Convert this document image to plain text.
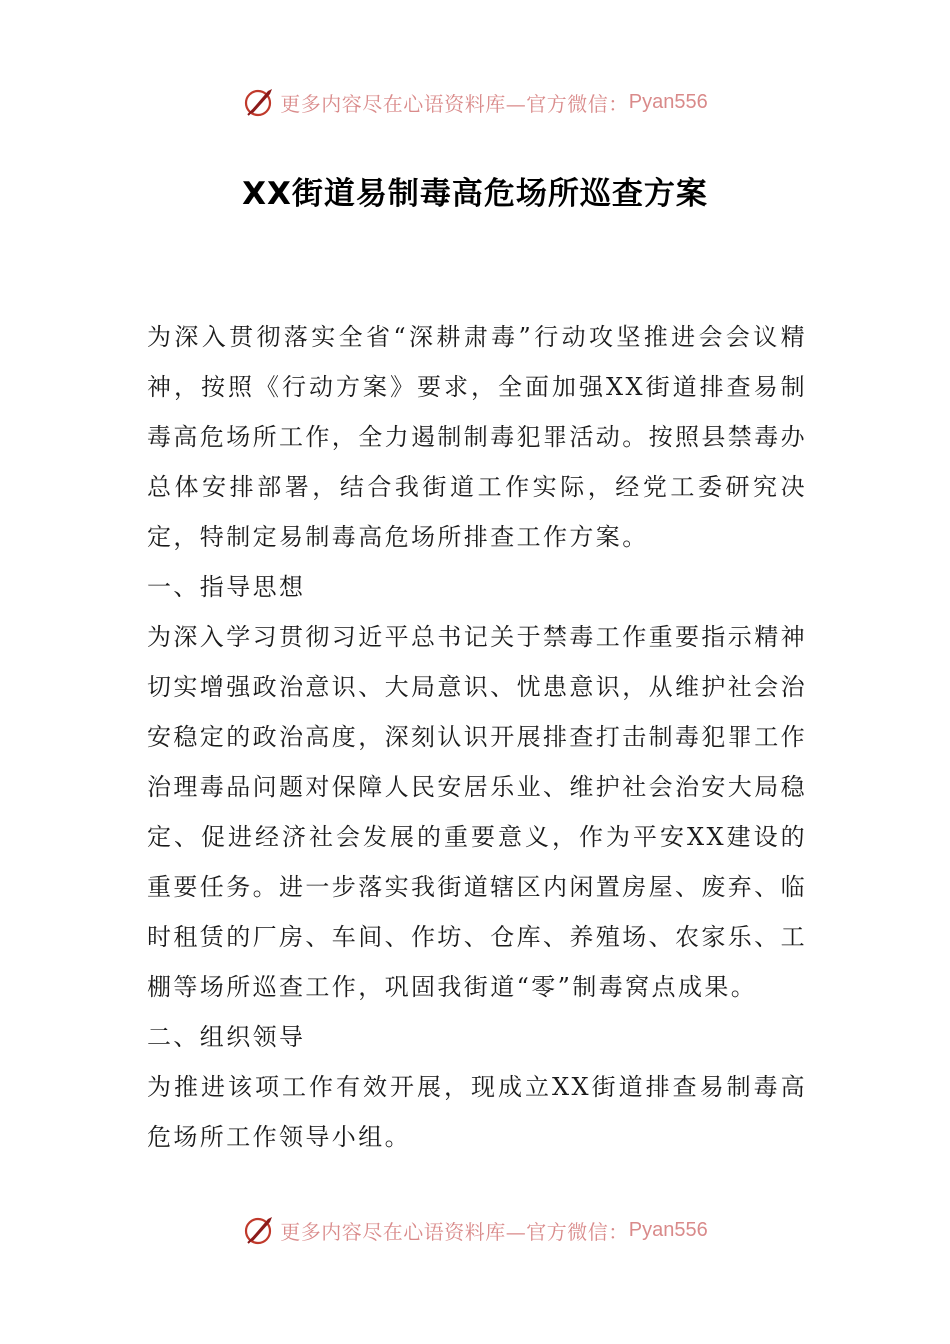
更多内容尽在心语资料库—官方微信： Pyan556
XX街道易制毒高危场所巡查方案

为深入贯彻落实全省“深耕肃毒”行动攻坚推进会会议精神，按照《行动方案》要求，全面加强XX街道排查易制毒高危场所工作，全力遏制制毒犯罪活动。按照县禁毒办总体安排部署，结合我街道工作实际，经党工委研究决定，特制定易制毒高危场所排查工作方案。

一、指导思想

为深入学习贯彻习近平总书记关于禁毒工作重要指示精神切实增强政治意识、大局意识、忧患意识，从维护社会治安稳定的政治高度，深刻认识开展排查打击制毒犯罪工作治理毒品问题对保障人民安居乐业、维护社会治安大局稳定、促进经济社会发展的重要意义，作为平安XX建设的重要任务。进一步落实我街道辖区内闲置房屋、废弃、临时租赁的厂房、车间、作坊、仓库、养殖场、农家乐、工棚等场所巡查工作，巩固我街道“零”制毒窝点成果。

二、组织领导

为推进该项工作有效开展，现成立XX街道排查易制毒高危场所工作领导小组。

更多内容尽在心语资料库—官方微信： Pyan556
